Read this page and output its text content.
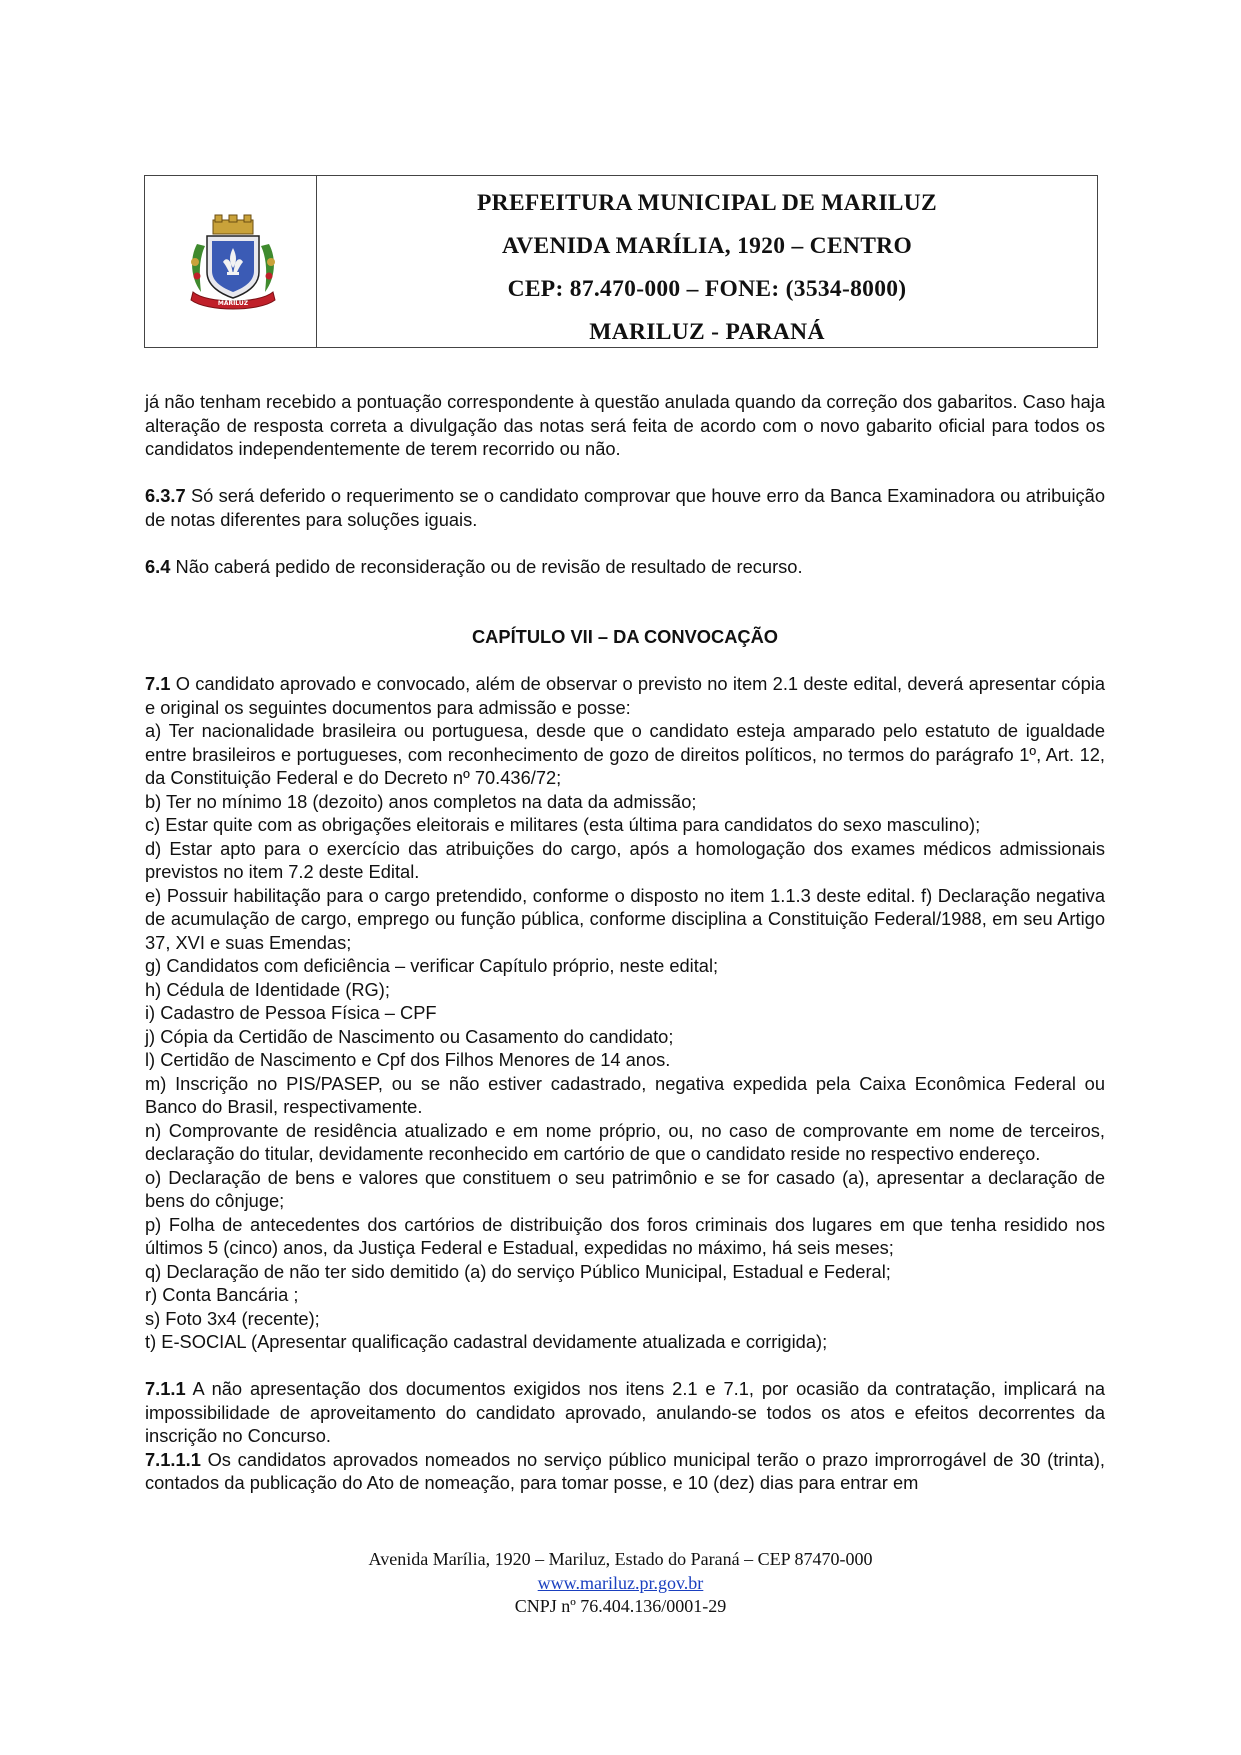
MARILUZ
PREFEITURA MUNICIPAL DE MARILUZ
AVENIDA MARÍLIA, 1920 – CENTRO
CEP: 87.470-000 – FONE: (3534-8000)
MARILUZ - PARANÁ

já não tenham recebido a pontuação correspondente à questão anulada quando da correção dos gabaritos. Caso haja alteração de resposta correta a divulgação das notas será feita de acordo com o novo gabarito oficial para todos os candidatos independentemente de terem recorrido ou não.

6.3.7 Só será deferido o requerimento se o candidato comprovar que houve erro da Banca Examinadora ou atribuição de notas diferentes para soluções iguais.

6.4 Não caberá pedido de reconsideração ou de revisão de resultado de recurso.

CAPÍTULO VII – DA CONVOCAÇÃO

7.1 O candidato aprovado e convocado, além de observar o previsto no item 2.1 deste edital, deverá apresentar cópia e original os seguintes documentos para admissão e posse:

a) Ter nacionalidade brasileira ou portuguesa, desde que o candidato esteja amparado pelo estatuto de igualdade entre brasileiros e portugueses, com reconhecimento de gozo de direitos políticos, no termos do parágrafo 1º, Art. 12, da Constituição Federal e do Decreto nº 70.436/72;

b) Ter no mínimo 18 (dezoito) anos completos na data da admissão;

c) Estar quite com as obrigações eleitorais e militares (esta última para candidatos do sexo masculino);

d) Estar apto para o exercício das atribuições do cargo, após a homologação dos exames médicos admissionais previstos no item 7.2 deste Edital.

e) Possuir habilitação para o cargo pretendido, conforme o disposto no item 1.1.3 deste edital. f) Declaração negativa de acumulação de cargo, emprego ou função pública, conforme disciplina a Constituição Federal/1988, em seu Artigo 37, XVI e suas Emendas;

g) Candidatos com deficiência – verificar Capítulo próprio, neste edital;

h) Cédula de Identidade (RG);

i) Cadastro de Pessoa Física – CPF

j) Cópia da Certidão de Nascimento ou Casamento do candidato;

l) Certidão de Nascimento e Cpf dos Filhos Menores de 14 anos.

m) Inscrição no PIS/PASEP, ou se não estiver cadastrado, negativa expedida pela Caixa Econômica Federal ou Banco do Brasil, respectivamente.

n) Comprovante de residência atualizado e em nome próprio, ou, no caso de comprovante em nome de terceiros, declaração do titular, devidamente reconhecido em cartório de que o candidato reside no respectivo endereço.

o) Declaração de bens e valores que constituem o seu patrimônio e se for casado (a), apresentar a declaração de bens do cônjuge;

p) Folha de antecedentes dos cartórios de distribuição dos foros criminais dos lugares em que tenha residido nos últimos 5 (cinco) anos, da Justiça Federal e Estadual, expedidas no máximo, há seis meses;

q) Declaração de não ter sido demitido (a) do serviço Público Municipal, Estadual e Federal;

r) Conta Bancária ;

s) Foto 3x4 (recente);

t) E-SOCIAL (Apresentar qualificação cadastral devidamente atualizada e corrigida);

7.1.1 A não apresentação dos documentos exigidos nos itens 2.1 e 7.1, por ocasião da contratação, implicará na impossibilidade de aproveitamento do candidato aprovado, anulando-se todos os atos e efeitos decorrentes da inscrição no Concurso.

7.1.1.1 Os candidatos aprovados nomeados no serviço público municipal terão o prazo improrrogável de 30 (trinta), contados da publicação do Ato de nomeação, para tomar posse, e 10 (dez) dias para entrar em

Avenida Marília, 1920 – Mariluz, Estado do Paraná – CEP 87470-000
www.mariluz.pr.gov.br
CNPJ nº 76.404.136/0001-29
